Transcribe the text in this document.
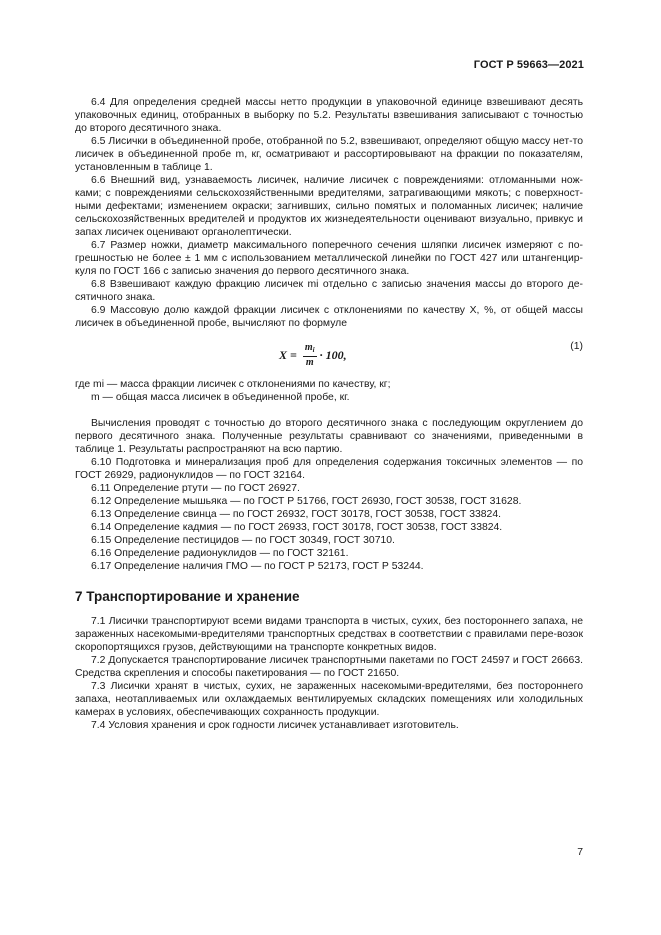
ГОСТ Р 59663—2021

6.4 Для определения средней массы нетто продукции в упаковочной единице взвешивают десять упаковочных единиц, отобранных в выборку по 5.2. Результаты взвешивания записывают с точностью до второго десятичного знака.

6.5 Лисички в объединенной пробе, отобранной по 5.2, взвешивают, определяют общую массу нет-то лисичек в объединенной пробе m, кг, осматривают и рассортировывают на фракции по показателям, установленным в таблице 1.

6.6 Внешний вид, узнаваемость лисичек, наличие лисичек с повреждениями: отломанными нож-ками; с повреждениями сельскохозяйственными вредителями, затрагивающими мякоть; с поверхност-ными дефектами; изменением окраски; загнивших, сильно помятых и поломанных лисичек; наличие сельскохозяйственных вредителей и продуктов их жизнедеятельности оценивают визуально, привкус и запах лисичек оценивают органолептически.

6.7 Размер ножки, диаметр максимального поперечного сечения шляпки лисичек измеряют с по-грешностью не более ± 1 мм с использованием металлической линейки по ГОСТ 427 или штангенцир-куля по ГОСТ 166 с записью значения до первого десятичного знака.

6.8 Взвешивают каждую фракцию лисичек mi отдельно с записью значения массы до второго де-сятичного знака.

6.9 Массовую долю каждой фракции лисичек с отклонениями по качеству X, %, от общей массы лисичек в объединенной пробе, вычисляют по формуле

$X = \frac{m_i}{m} \cdot 100$,
(1)

где mi — масса фракции лисичек с отклонениями по качеству, кг;

m — общая масса лисичек в объединенной пробе, кг.

Вычисления проводят с точностью до второго десятичного знака с последующим округлением до первого десятичного знака. Полученные результаты сравнивают со значениями, приведенными в таблице 1. Результаты распространяют на всю партию.

6.10 Подготовка и минерализация проб для определения содержания токсичных элементов — по ГОСТ 26929, радионуклидов — по ГОСТ 32164.

6.11 Определение ртути — по ГОСТ 26927.

6.12 Определение мышьяка — по ГОСТ Р 51766, ГОСТ 26930, ГОСТ 30538, ГОСТ 31628.

6.13 Определение свинца — по ГОСТ 26932, ГОСТ 30178, ГОСТ 30538, ГОСТ 33824.

6.14 Определение кадмия — по ГОСТ 26933, ГОСТ 30178, ГОСТ 30538, ГОСТ 33824.

6.15 Определение пестицидов — по ГОСТ 30349, ГОСТ 30710.

6.16 Определение радионуклидов — по ГОСТ 32161.

6.17 Определение наличия ГМО — по ГОСТ Р 52173, ГОСТ Р 53244.

7 Транспортирование и хранение

7.1 Лисички транспортируют всеми видами транспорта в чистых, сухих, без постороннего запаха, не зараженных насекомыми-вредителями транспортных средствах в соответствии с правилами пере-возок скоропортящихся грузов, действующими на транспорте конкретных видов.

7.2 Допускается транспортирование лисичек транспортными пакетами по ГОСТ 24597 и ГОСТ 26663. Средства скрепления и способы пакетирования — по ГОСТ 21650.

7.3 Лисички хранят в чистых, сухих, не зараженных насекомыми-вредителями, без постороннего запаха, неотапливаемых или охлаждаемых вентилируемых складских помещениях или холодильных камерах в условиях, обеспечивающих сохранность продукции.

7.4 Условия хранения и срок годности лисичек устанавливает изготовитель.

7
